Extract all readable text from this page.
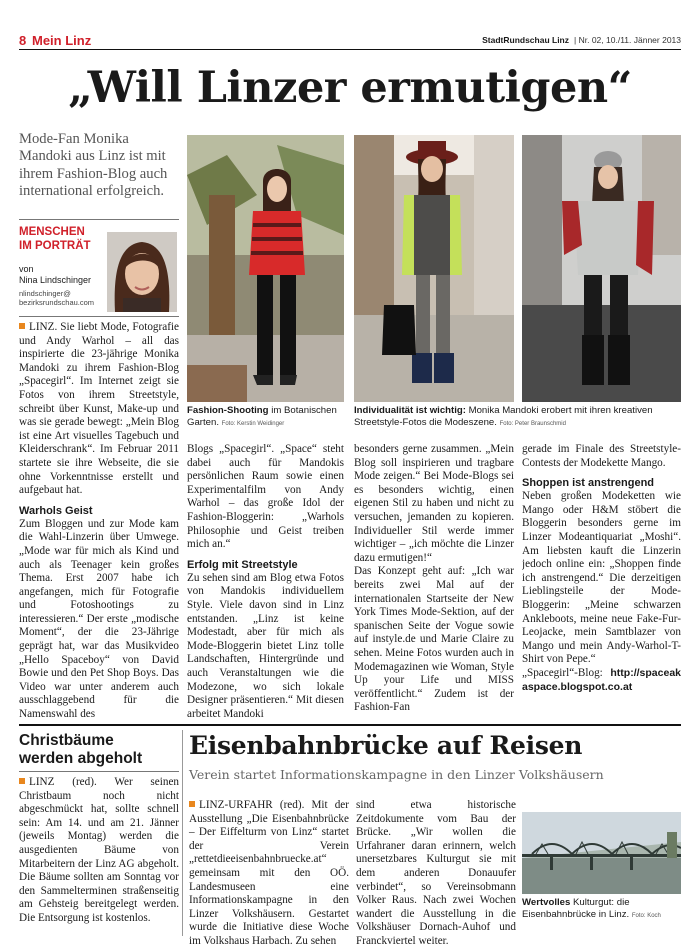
8 Mein Linz	StadtRundschau Linz | Nr. 02, 10./11. Jänner 2013
„Will Linzer ermutigen“
Mode-Fan Monika Mandoki aus Linz ist mit ihrem Fashion-Blog auch international erfolgreich.
MENSCHEN
IM PORTRÄT
von
Nina Lindschinger
nlindschinger@
bezirksrundschau.com
Fashion-Shooting im Botanischen Garten. Foto: Kerstin Weidinger
Individualität ist wichtig: Monika Mandoki erobert mit ihren kreativen Streetstyle-Fotos die Modeszene. Foto: Peter Braunschmid

LINZ. Sie liebt Mode, Fotografie und Andy Warhol – all das inspirierte die 23-jährige Monika Mandoki zu ihrem Fashion-Blog „Spacegirl“. Im Internet zeigt sie Fotos von ihrem Streetstyle, schreibt über Kunst, Make-up und was sie gerade bewegt: „Mein Blog ist eine Art visuelles Tagebuch und Kleiderschrank“. Im Februar 2011 startete sie ihre Webseite, die sie ohne Vorkenntnisse erstellt und aufgebaut hat.

Warhols Geist

Zum Bloggen und zur Mode kam die Wahl-Linzerin über Umwege. „Mode war für mich als Kind und auch als Teenager kein großes Thema. Erst 2007 habe ich angefangen, mich für Fotografie und Fotoshootings zu interessieren.“ Der erste „modische Moment“, der die 23-Jährige geprägt hat, war das Musikvideo „Hello Spaceboy“ von David Bowie und den Pet Shop Boys. Das Video war unter anderem auch ausschlaggebend für die Namenswahl des

Blogs „Spacegirl“. „Space“ steht dabei auch für Mandokis persönlichen Raum sowie einen Experimentalfilm von Andy Warhol – das große Idol der Fashion-Bloggerin: „Warhols Philosophie und Geist treiben mich an.“

Erfolg mit Streetstyle

Zu sehen sind am Blog etwa Fotos von Mandokis individuellem Style. Viele davon sind in Linz entstanden. „Linz ist keine Modestadt, aber für mich als Mode-Bloggerin bietet Linz tolle Landschaften, Hintergründe und auch Veranstaltungen wie die Modezone, wo sich lokale Designer präsentieren.“ Mit diesen arbeitet Mandoki

besonders gerne zusammen. „Mein Blog soll inspirieren und tragbare Mode zeigen.“ Bei Mode-Blogs sei es besonders wichtig, einen eigenen Stil zu haben und nicht zu versuchen, jemanden zu kopieren. Individueller Stil werde immer wichtiger – „ich möchte die Linzer dazu ermutigen!“

Das Konzept geht auf: „Ich war bereits zwei Mal auf der internationalen Startseite der New York Times Mode-Sektion, auf der spanischen Seite der Vogue sowie auf instyle.de und Marie Claire zu sehen. Meine Fotos wurden auch in Modemagazinen wie Woman, Style Up your Life und MISS veröffentlicht.“ Zudem ist der Fashion-Fan

gerade im Finale des Streetstyle-Contests der Modekette Mango.

Shoppen ist anstrengend

Neben großen Modeketten wie Mango oder H&M stöbert die Bloggerin besonders gerne im Linzer Modeantiquariat „Moshi“. Am liebsten kauft die Linzerin jedoch online ein: „Shoppen finde ich anstrengend.“ Die derzeitigen Lieblingsteile der Mode-Bloggerin: „Meine schwarzen Ankleboots, meine neue Fake-Fur-Leojacke, mein Samtblazer von Mango und mein Andy-Warhol-T-Shirt von Pepe.“

„Spacegirl“-Blog: http://spaceakaspace.blogspot.co.at

Christbäume
werden abgeholt

LINZ (red). Wer seinen Christbaum noch nicht abgeschmückt hat, sollte schnell sein: Am 14. und am 21. Jänner (jeweils Montag) werden die ausgedienten Bäume von Mitarbeitern der Linz AG abgeholt. Die Bäume sollten am Sonntag vor den Sammelterminen straßenseitig am Gehsteig bereitgelegt werden. Die Entsorgung ist kostenlos.

Eisenbahnbrücke auf Reisen
Verein startet Informationskampagne in den Linzer Volkshäusern

LINZ-URFAHR (red). Mit der Ausstellung „Die Eisenbahnbrücke – Der Eiffelturm von Linz“ startet der Verein „rettetdieeisenbahnbruecke.at“ gemeinsam mit den OÖ. Landesmuseen eine Informationskampagne in den Linzer Volkshäusern. Gestartet wurde die Initiative diese Woche im Volkshaus Harbach. Zu sehen

sind etwa historische Zeitdokumente vom Bau der Brücke. „Wir wollen die Urfahraner daran erinnern, welch unersetzbares Kulturgut sie mit dem anderen Donauufer verbindet“, so Vereinsobmann Volker Raus. Nach zwei Wochen wandert die Ausstellung in die Volkshäuser Dornach-Auhof und Franckviertel weiter.

Wertvolles Kulturgut: die Eisenbahnbrücke in Linz. Foto: Koch
